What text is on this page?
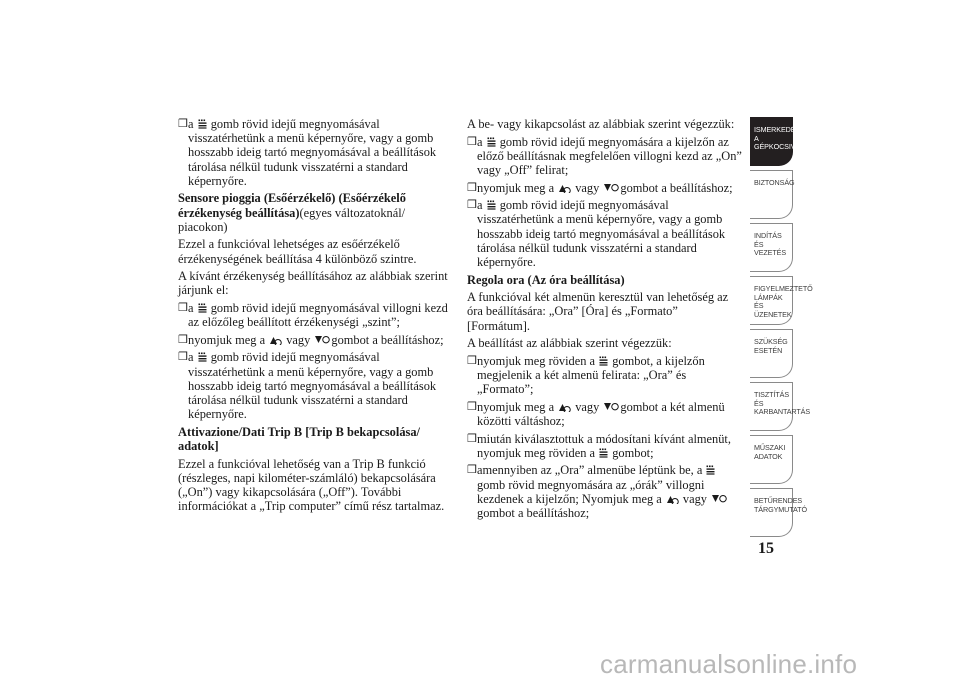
❒ a
gomb rövid idejű megnyomásával visszatérhetünk a menü képernyőre, vagy a gomb hosszabb ideig tartó megnyomásával a beállítások tárolása nélkül tudunk visszatérni a standard képernyőre.
Sensore pioggia (Esőérzékelő) (Esőérzékelő érzékenység beállítása)(egyes változatoknál/ piacokon)
Ezzel a funkcióval lehetséges az esőérzékelő érzékenységének beállítása 4 különböző szintre.
A kívánt érzékenység beállításához az alábbiak szerint járjunk el:
❒ a
gomb rövid idejű megnyomásával villogni kezd az előzőleg beállított érzékenységi „szint”;
❒ nyomjuk meg a
vagy
gombot a beállításhoz;
❒ a
gomb rövid idejű megnyomásával visszatérhetünk a menü képernyőre, vagy a gomb hosszabb ideig tartó megnyomásával a beállítások tárolása nélkül tudunk visszatérni a standard képernyőre.
Attivazione/Dati Trip B [Trip B bekapcsolása/ adatok]
Ezzel a funkcióval lehetőség van a Trip B funkció (részleges, napi kilométer-számláló) bekapcsolására („On”) vagy kikapcsolására („Off”). További információkat a „Trip computer” című rész tartalmaz.
A be- vagy kikapcsolást az alábbiak szerint végezzük:
❒ a
gomb rövid idejű megnyomására a kijelzőn az előző beállításnak megfelelően villogni kezd az „On” vagy „Off” felirat;
❒ nyomjuk meg a
vagy
gombot a beállításhoz;
❒ a
gomb rövid idejű megnyomásával visszatérhetünk a menü képernyőre, vagy a gomb hosszabb ideig tartó megnyomásával a beállítások tárolása nélkül tudunk visszatérni a standard képernyőre.
Regola ora (Az óra beállítása)
A funkcióval két almenün keresztül van lehetőség az óra beállítására: „Ora” [Óra] és „Formato” [Formátum].
A beállítást az alábbiak szerint végezzük:
❒ nyomjuk meg röviden a
gombot, a kijelzőn megjelenik a két almenü felirata: „Ora” és „Formato”;
❒ nyomjuk meg a
vagy
gombot a két almenü közötti váltáshoz;
❒ miután kiválasztottuk a módosítani kívánt almenüt, nyomjuk meg röviden a
gombot;
❒ amennyiben az „Ora” almenübe léptünk be, a
gomb rövid megnyomására az „órák” villogni kezdenek a kijelzőn; Nyomjuk meg a
vagy
gombot a beállításhoz;
ISMERKEDÉS A
GÉPKOCSIVAL
BIZTONSÁG
INDÍTÁS ÉS
VEZETÉS
FIGYELMEZTETŐ
LÁMPÁK ÉS
ÜZENETEK
SZÜKSÉG ESETÉN
TISZTÍTÁS ÉS
KARBANTARTÁS
MŰSZAKI ADATOK
BETŰRENDES
TÁRGYMUTATÓ
15
carmanualsonline.info
